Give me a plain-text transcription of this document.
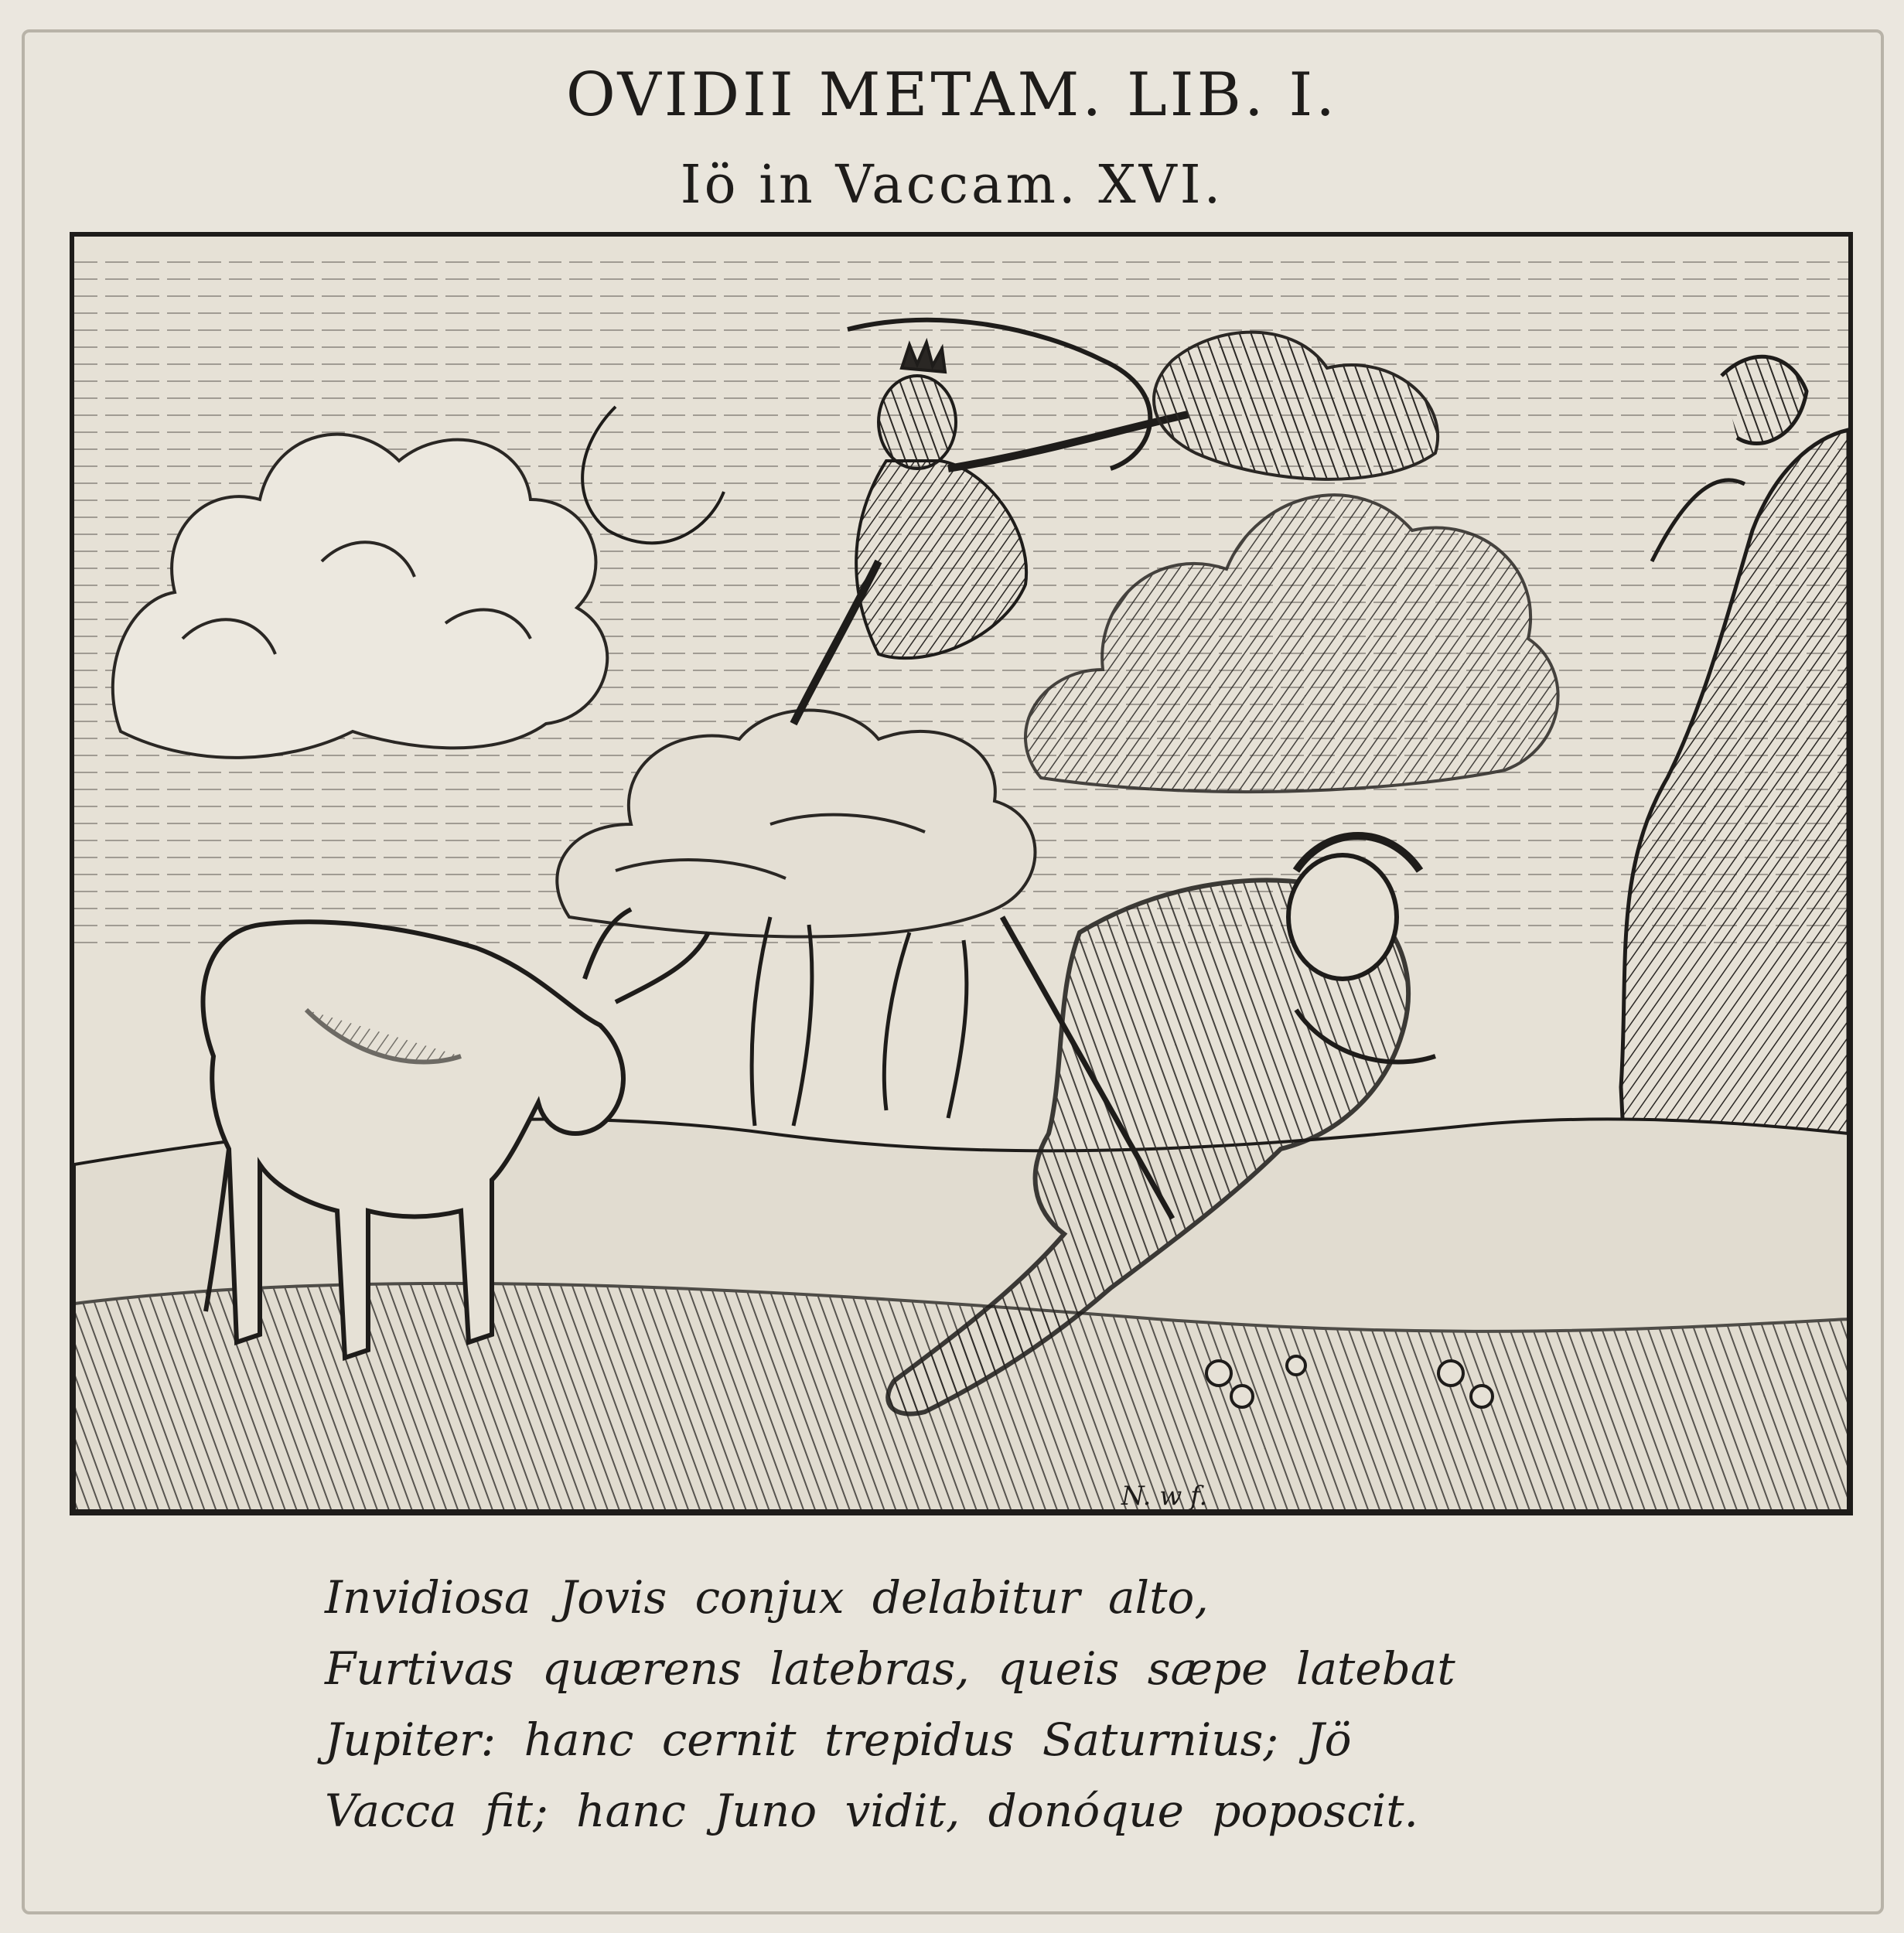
OVIDII METAM. LIB. I.
Iö in Vaccam. XVI.
N. w f.
Invidiosa Jovis conjux delabitur alto,
Furtivas quærens latebras, queis sæpe latebat
Jupiter: hanc cernit trepidus Saturnius; Jö
Vacca fit; hanc Juno vidit, donóque poposcit.
